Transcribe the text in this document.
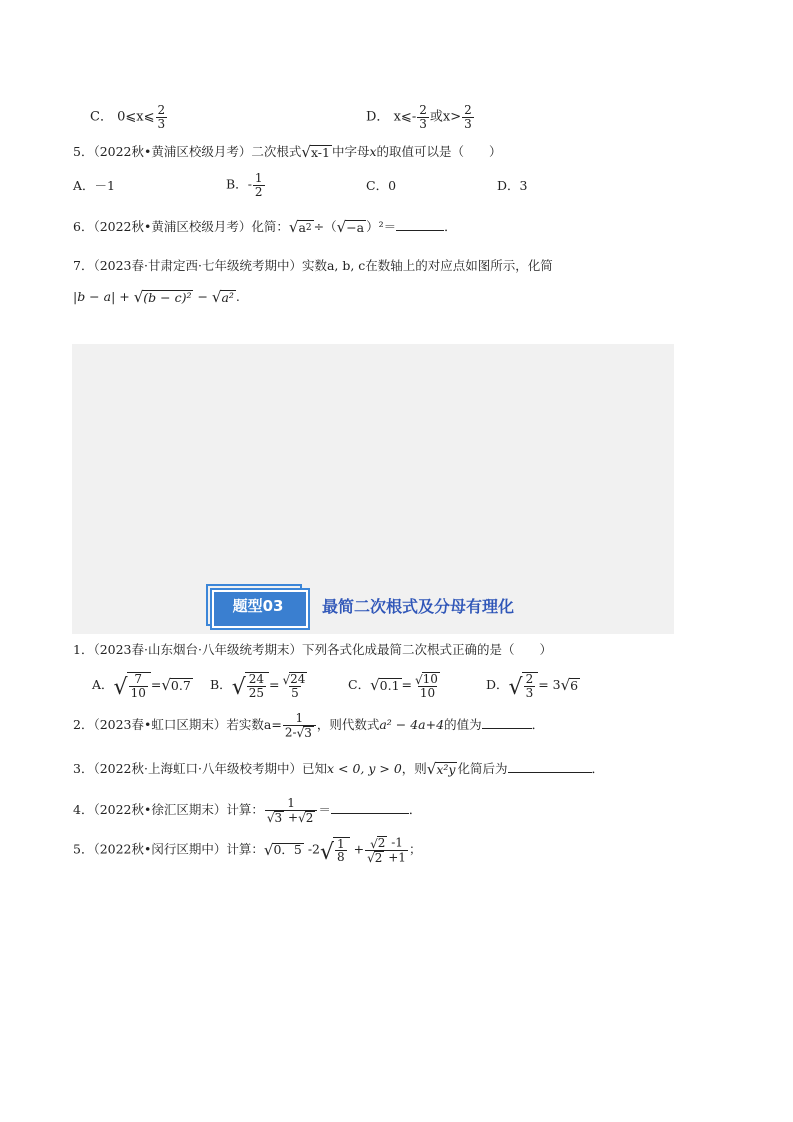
C． 0⩽x⩽ $\frac{2}{3}$	D． x⩽- $\frac{2}{3}$ 或$x> \frac{2}{3}$
5．（2022秋•黄浦区校级月考）二次根式 √ x-1 中字母x的取值可以是（　　）
A．－1	B．- $\frac{1}{2}$	C．0	D．3
6．（2022秋•黄浦区校级月考）化简： √ a 2 ÷（ √ −a ）²＝	．
7．（2023春·甘肃定西·七年级统考期中）实数a, b, c在数轴上的对应点如图所示，化简
|b − a| + √ (b − c)² − √ a² .
题型03	最简二次根式及分母有理化
1．（2023春·山东烟台·八年级统考期末）下列各式化成最简二次根式正确的是（　　）
A． √ $\frac{7}{10}$ = √ 0.7 B． √ $\frac{24}{25} = \frac{√ 24}{5}$	C． √ $0.1 = \frac{√ 10}{10}$	D． √ $\frac{2}{3} = 3$ √ 6
2．（2023春•虹口区期末）若实数$a= \frac{1}{2- √ 3}$ ，则代数式a² − 4a+4的值为	．
3．（2022秋·上海虹口·八年级校考期中）已知x < 0, y > 0，则 √ x²y 化简后为	．
4．（2022秋•徐汇区期末）计算： $\frac{1}{√ 3 + √ 2}$ ＝	．
5．（2022秋•闵行区期中）计算： √ 0．5 -2 √ $\frac{1}{8} + \frac{√ 2 -1}{√ 2 +1}$ ；
